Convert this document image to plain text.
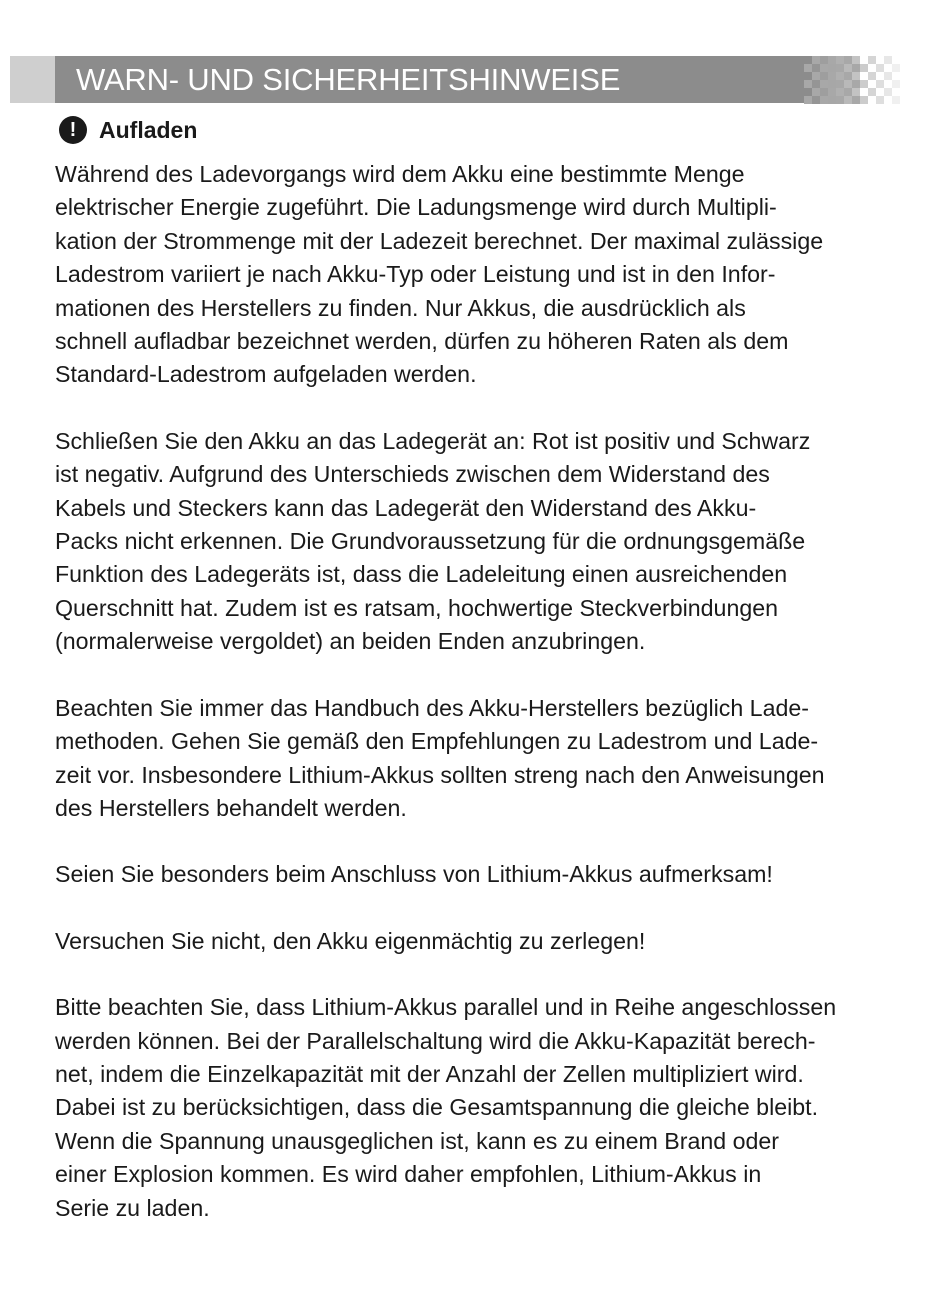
WARN- UND SICHERHEITSHINWEISE
! Aufladen

Während des Ladevorgangs wird dem Akku eine bestimmte Menge
elektrischer Energie zugeführt. Die Ladungsmenge wird durch Multipli-
kation der Strommenge mit der Ladezeit berechnet. Der maximal zulässige
Ladestrom variiert je nach Akku-Typ oder Leistung und ist in den Infor-
mationen des Herstellers zu finden. Nur Akkus, die ausdrücklich als
schnell aufladbar bezeichnet werden, dürfen zu höheren Raten als dem
Standard-Ladestrom aufgeladen werden.

Schließen Sie den Akku an das Ladegerät an: Rot ist positiv und Schwarz
ist negativ. Aufgrund des Unterschieds zwischen dem Widerstand des
Kabels und Steckers kann das Ladegerät den Widerstand des Akku-
Packs nicht erkennen. Die Grundvoraussetzung für die ordnungsgemäße
Funktion des Ladegeräts ist, dass die Ladeleitung einen ausreichenden
Querschnitt hat. Zudem ist es ratsam, hochwertige Steckverbindungen
(normalerweise vergoldet) an beiden Enden anzubringen.

Beachten Sie immer das Handbuch des Akku-Herstellers bezüglich Lade-
methoden. Gehen Sie gemäß den Empfehlungen zu Ladestrom und Lade-
zeit vor. Insbesondere Lithium-Akkus sollten streng nach den Anweisungen
des Herstellers behandelt werden.

Seien Sie besonders beim Anschluss von Lithium-Akkus aufmerksam!

Versuchen Sie nicht, den Akku eigenmächtig zu zerlegen!

Bitte beachten Sie, dass Lithium-Akkus parallel und in Reihe angeschlossen
werden können. Bei der Parallelschaltung wird die Akku-Kapazität berech-
net, indem die Einzelkapazität mit der Anzahl der Zellen multipliziert wird.
Dabei ist zu berücksichtigen, dass die Gesamtspannung die gleiche bleibt.
Wenn die Spannung unausgeglichen ist, kann es zu einem Brand oder
einer Explosion kommen. Es wird daher empfohlen, Lithium-Akkus in
Serie zu laden.
